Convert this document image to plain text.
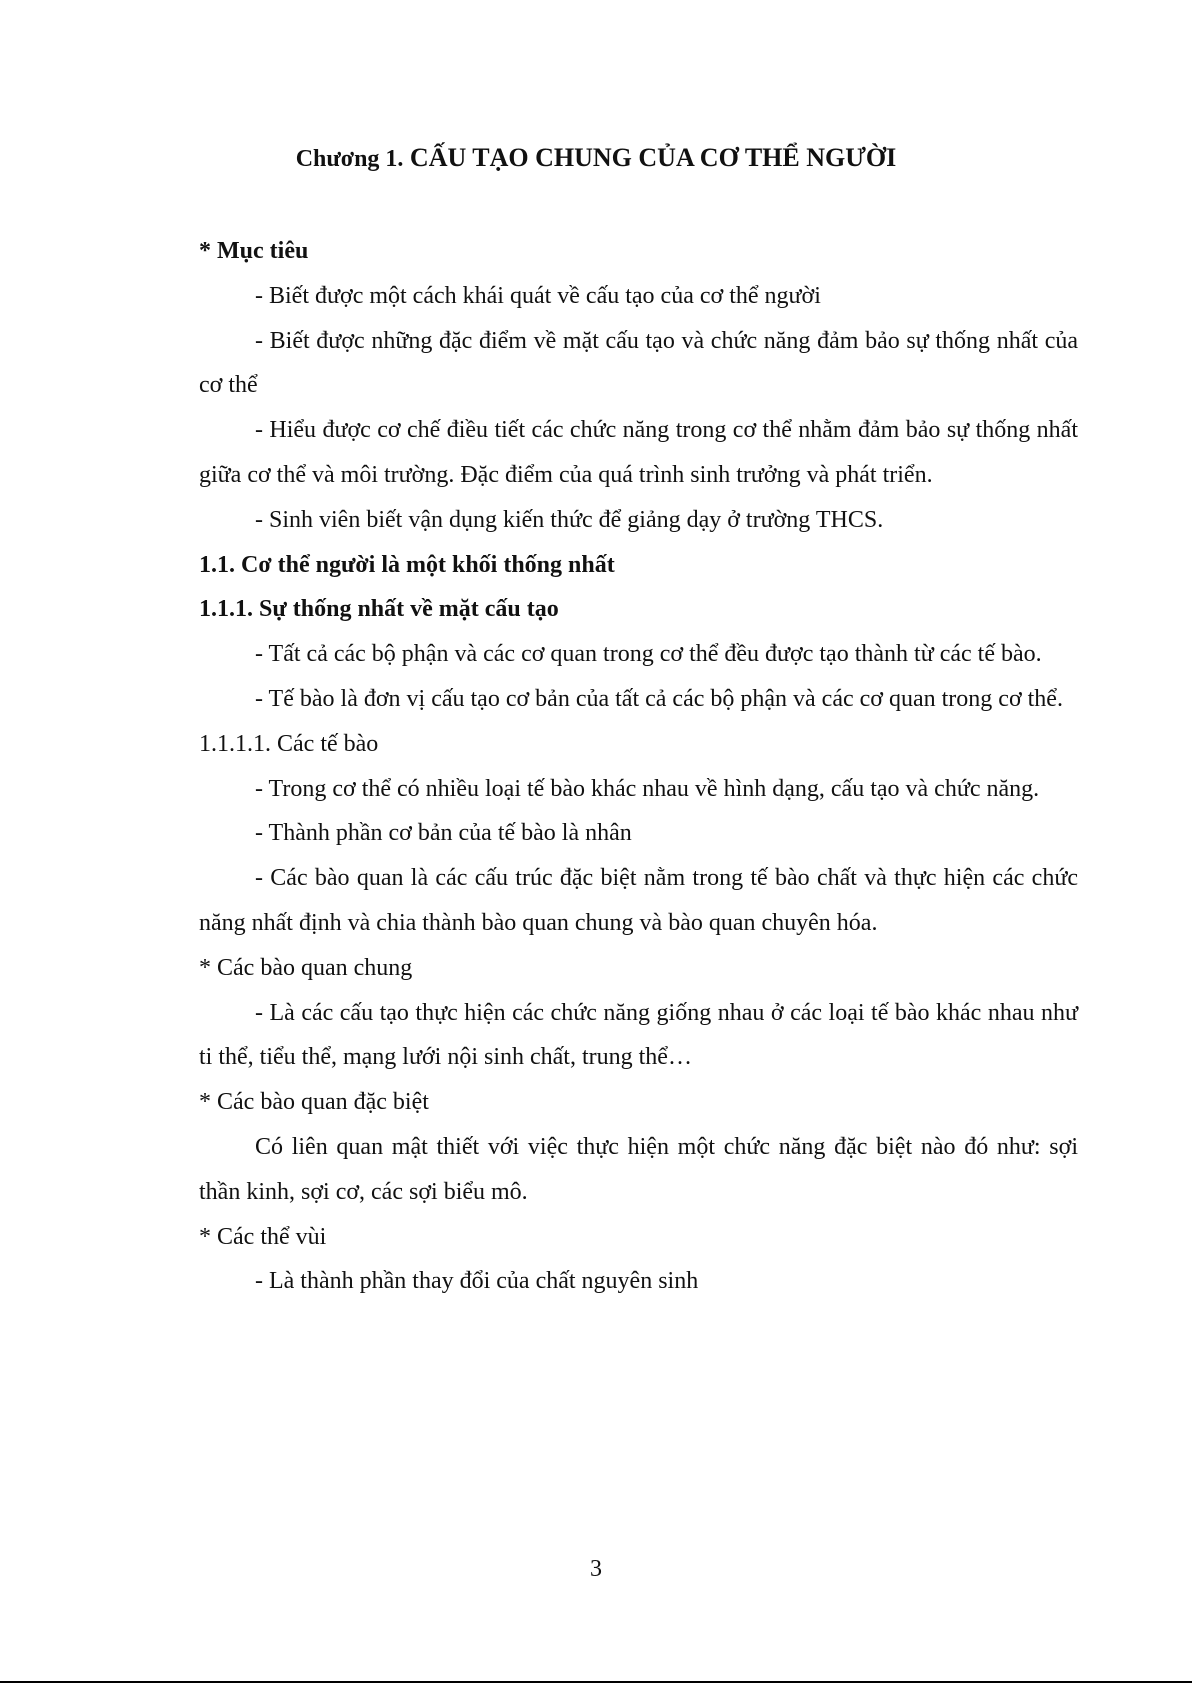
Chương 1. CẤU TẠO CHUNG CỦA CƠ THỂ NGƯỜI

* Mục tiêu

- Biết được một cách khái quát về cấu tạo của cơ thể người

- Biết được những đặc điểm về mặt cấu tạo và chức năng đảm bảo sự thống nhất của cơ thể

- Hiểu được cơ chế điều tiết các chức năng trong cơ thể nhằm đảm bảo sự thống nhất giữa cơ thể và môi trường. Đặc điểm của quá trình sinh trưởng và phát triển.

- Sinh viên biết vận dụng kiến thức để giảng dạy ở trường THCS.

1.1. Cơ thể người là một khối thống nhất

1.1.1. Sự thống nhất về mặt cấu tạo

- Tất cả các bộ phận và các cơ quan trong cơ thể đều được tạo thành từ các tế bào.

- Tế bào là đơn vị cấu tạo cơ bản của tất cả các bộ phận và các cơ quan trong cơ thể.

1.1.1.1. Các tế bào

- Trong cơ thể có nhiều loại tế bào khác nhau về hình dạng, cấu tạo và chức năng.

- Thành phần cơ bản của tế bào là nhân

- Các bào quan là các cấu trúc đặc biệt nằm trong tế bào chất và thực hiện các chức năng nhất định và chia thành bào quan chung và bào quan chuyên hóa.

* Các bào quan chung

- Là các cấu tạo thực hiện các chức năng giống nhau ở các loại tế bào khác nhau như ti thể, tiểu thể, mạng lưới nội sinh chất, trung thể…

* Các bào quan đặc biệt

Có liên quan mật thiết với việc thực hiện một chức năng đặc biệt nào đó như: sợi thần kinh, sợi cơ, các sợi biểu mô.

* Các thể vùi

- Là thành phần thay đổi của chất nguyên sinh

3
